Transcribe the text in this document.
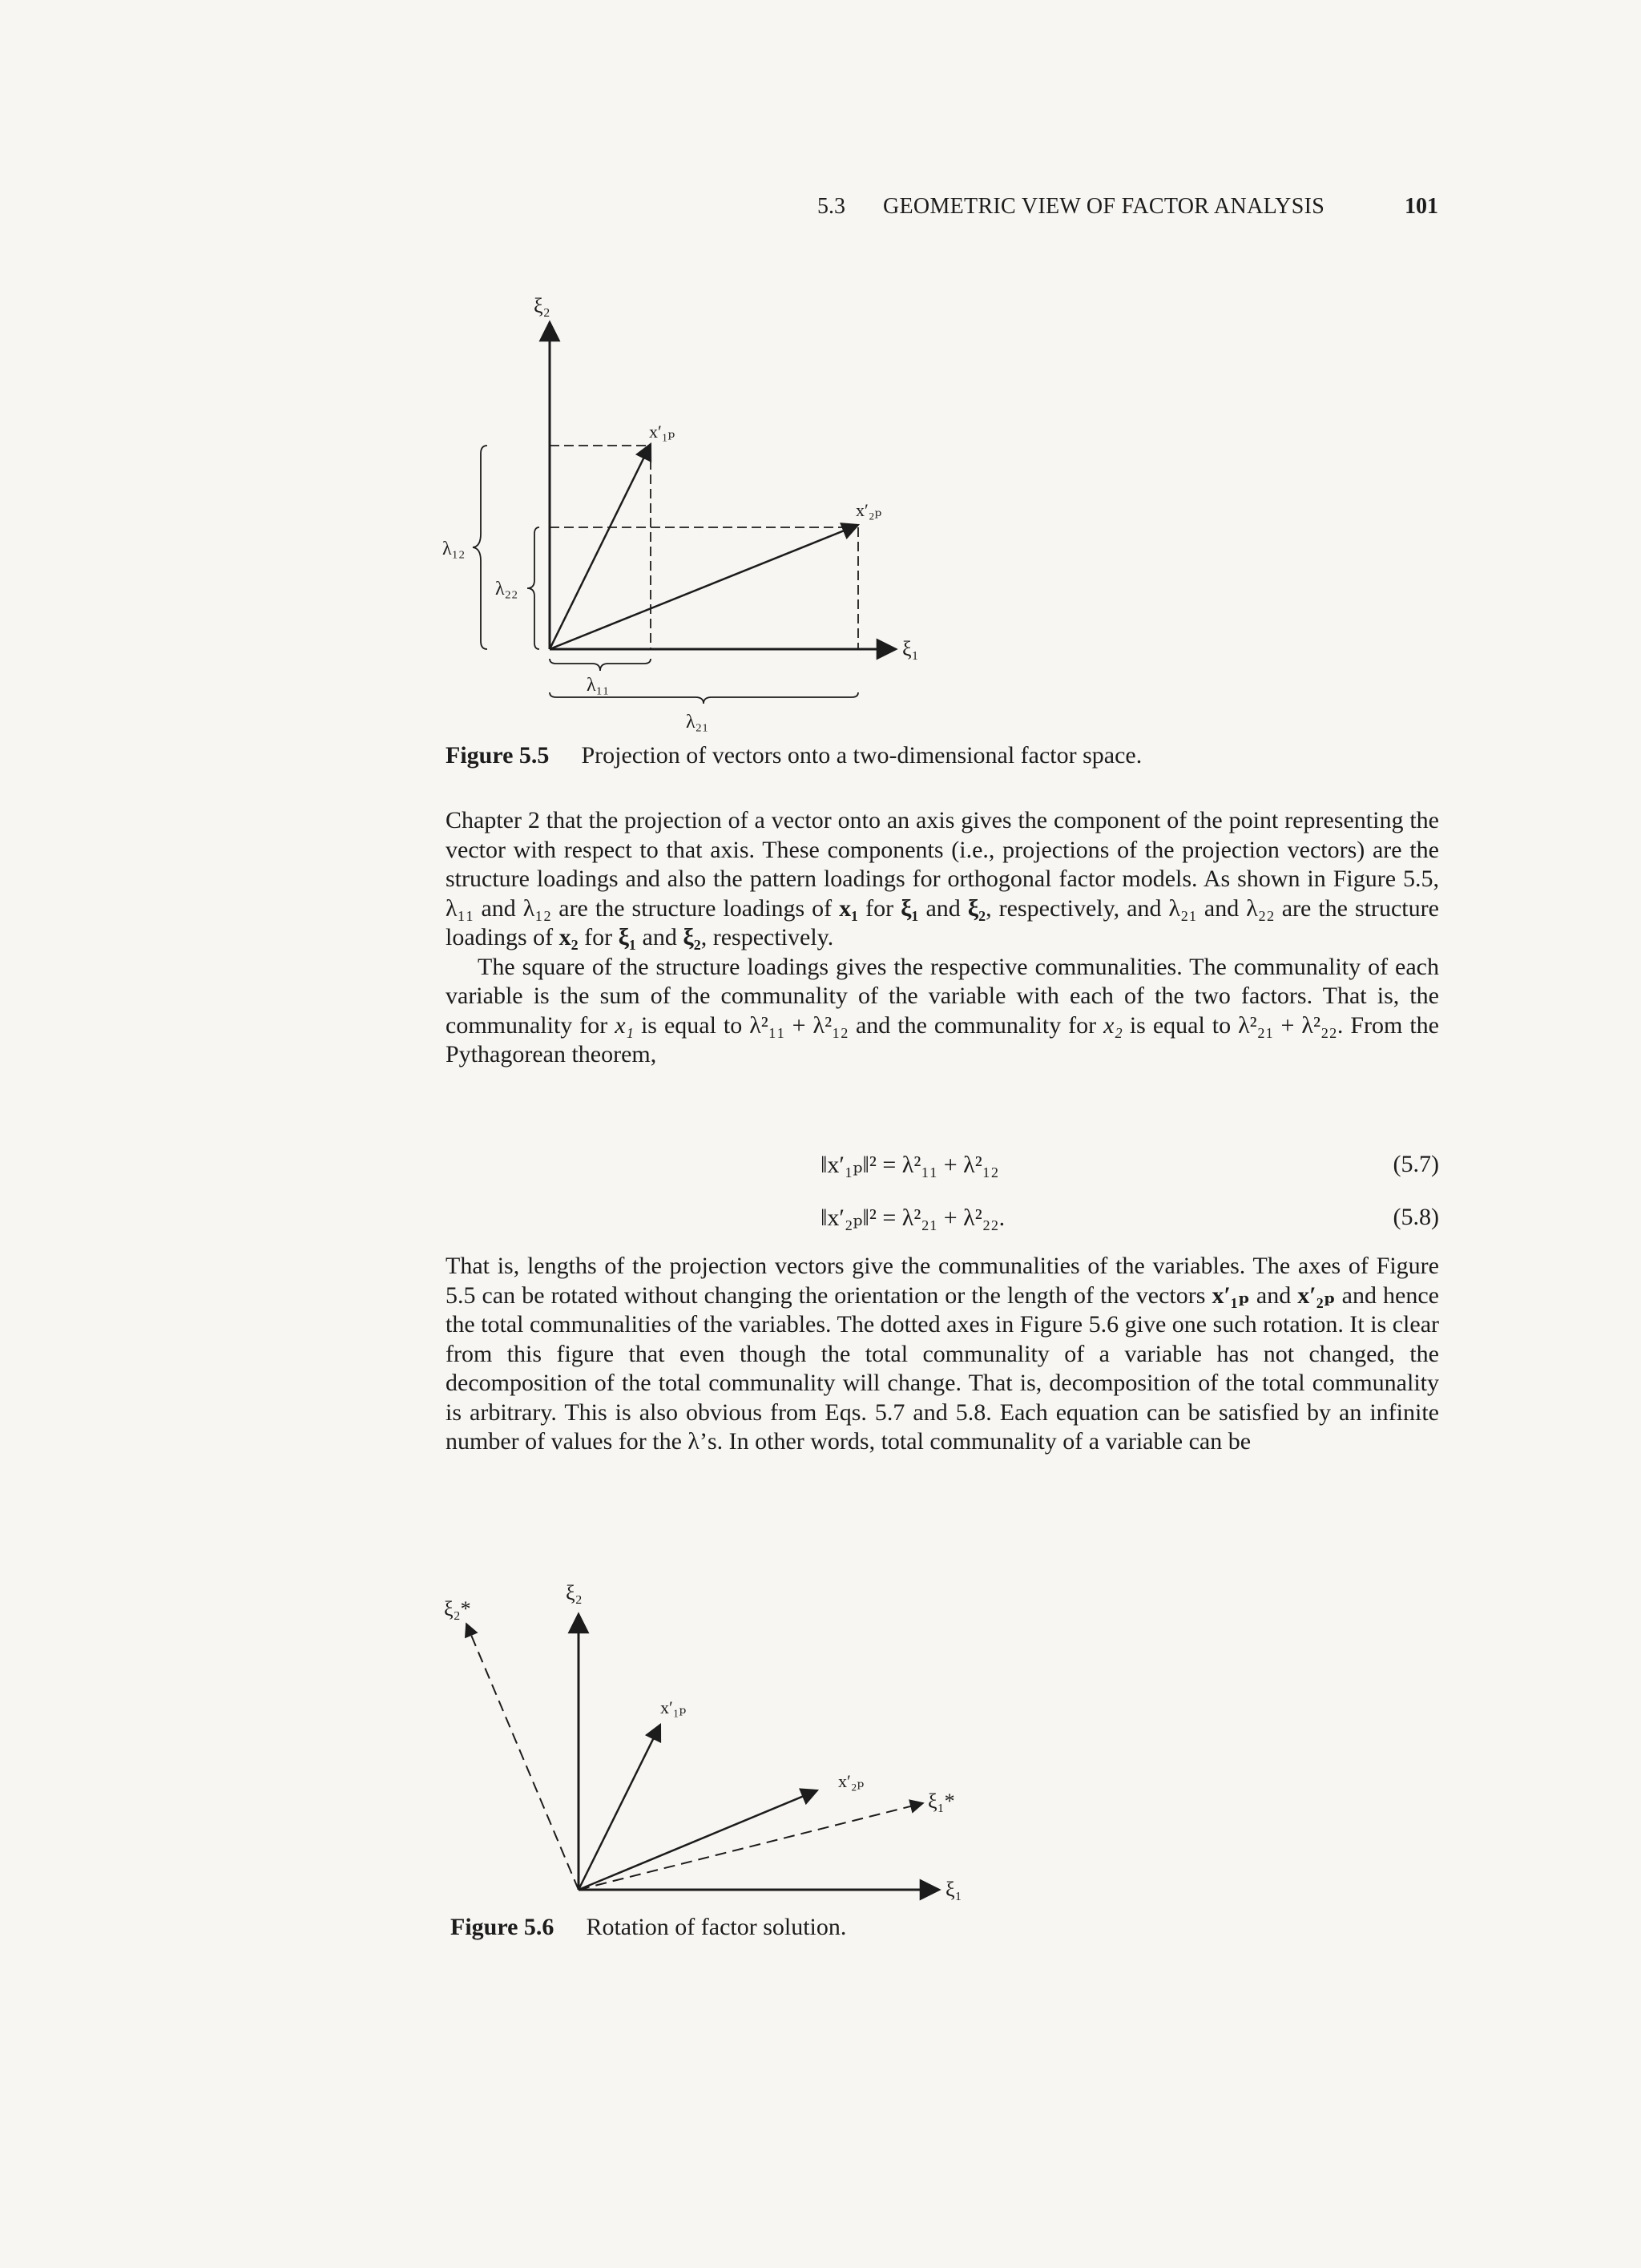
5.3 GEOMETRIC VIEW OF FACTOR ANALYSIS	101
ξ₂
ξ₁
x′₁ₚ
x′₂ₚ
λ₁₂
λ₂₂
λ₁₁
λ₂₁
Figure 5.5 Projection of vectors onto a two-dimensional factor space.

Chapter 2 that the projection of a vector onto an axis gives the component of the point representing the vector with respect to that axis. These components (i.e., projections of the projection vectors) are the structure loadings and also the pattern loadings for orthogonal factor models. As shown in Figure 5.5, λ₁₁ and λ₁₂ are the structure loadings of x₁ for ξ₁ and ξ₂, respectively, and λ₂₁ and λ₂₂ are the structure loadings of x₂ for ξ₁ and ξ₂, respectively.

The square of the structure loadings gives the respective communalities. The communality of each variable is the sum of the communality of the variable with each of the two factors. That is, the communality for x₁ is equal to λ²₁₁ + λ²₁₂ and the communality for x₂ is equal to λ²₂₁ + λ²₂₂. From the Pythagorean theorem,

‖x′₁ₚ‖² = λ²₁₁ + λ²₁₂	(5.7)
‖x′₂ₚ‖² = λ²₂₁ + λ²₂₂.	(5.8)

That is, lengths of the projection vectors give the communalities of the variables. The axes of Figure 5.5 can be rotated without changing the orientation or the length of the vectors x′₁ₚ and x′₂ₚ and hence the total communalities of the variables. The dotted axes in Figure 5.6 give one such rotation. It is clear from this figure that even though the total communality of a variable has not changed, the decomposition of the total communality will change. That is, decomposition of the total communality is arbitrary. This is also obvious from Eqs. 5.7 and 5.8. Each equation can be satisfied by an infinite number of values for the λ’s. In other words, total communality of a variable can be

ξ₂
ξ₂*
x′₁ₚ
x′₂ₚ
ξ₁*
ξ₁
Figure 5.6 Rotation of factor solution.
